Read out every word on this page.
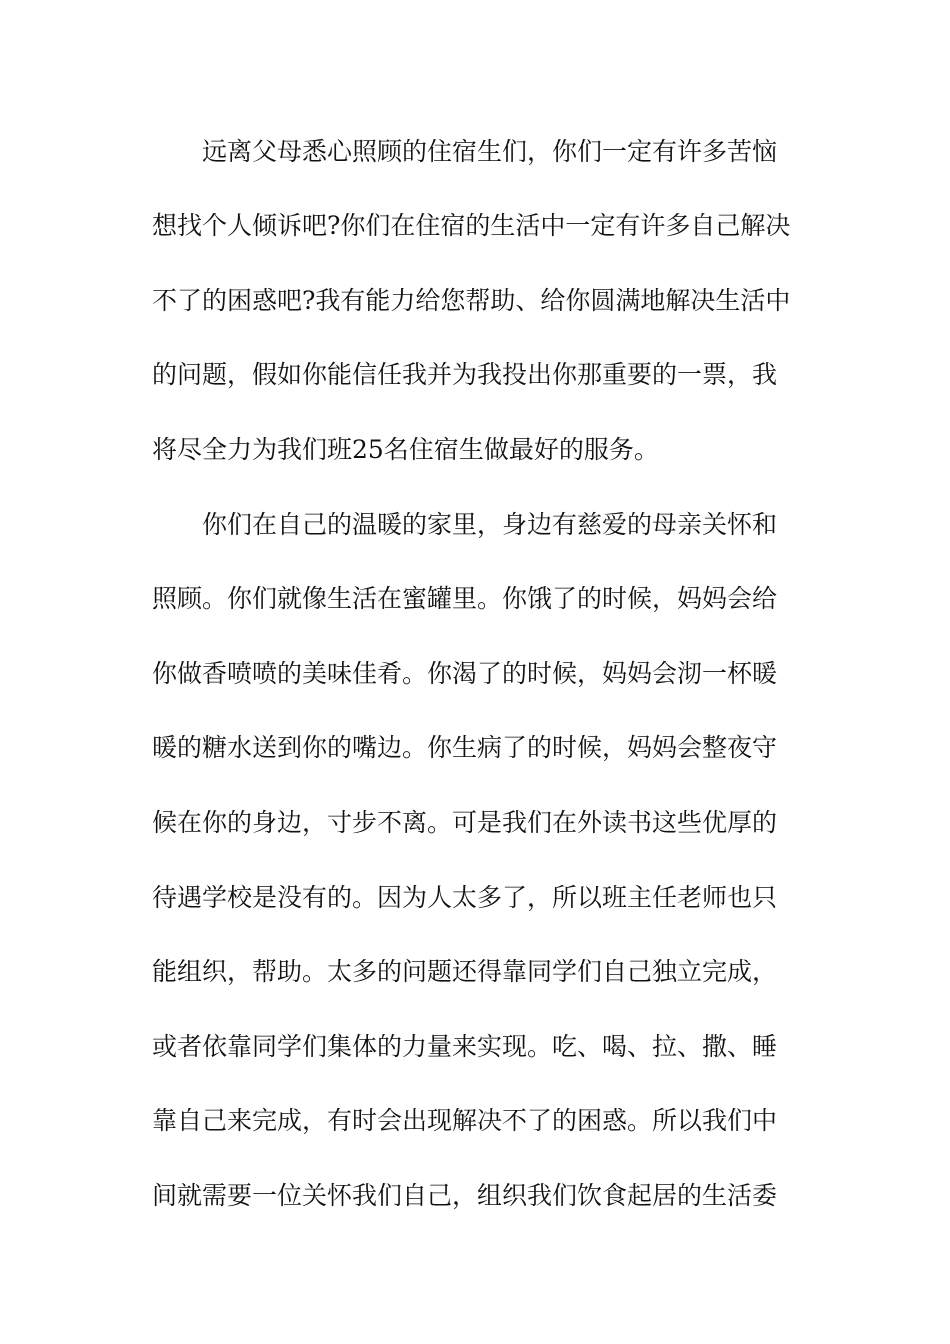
远离父母悉心照顾的住宿生们，你们一定有许多苦恼
想找个人倾诉吧?你们在住宿的生活中一定有许多自己解决
不了的困惑吧?我有能力给您帮助、给你圆满地解决生活中
的问题，假如你能信任我并为我投出你那重要的一票，我
将尽全力为我们班25名住宿生做最好的服务。
你们在自己的温暖的家里，身边有慈爱的母亲关怀和
照顾。你们就像生活在蜜罐里。你饿了的时候，妈妈会给
你做香喷喷的美味佳肴。你渴了的时候，妈妈会沏一杯暖
暖的糖水送到你的嘴边。你生病了的时候，妈妈会整夜守
候在你的身边，寸步不离。可是我们在外读书这些优厚的
待遇学校是没有的。因为人太多了，所以班主任老师也只
能组织，帮助。太多的问题还得靠同学们自己独立完成，
或者依靠同学们集体的力量来实现。吃、喝、拉、撒、睡
靠自己来完成，有时会出现解决不了的困惑。所以我们中
间就需要一位关怀我们自己，组织我们饮食起居的生活委
